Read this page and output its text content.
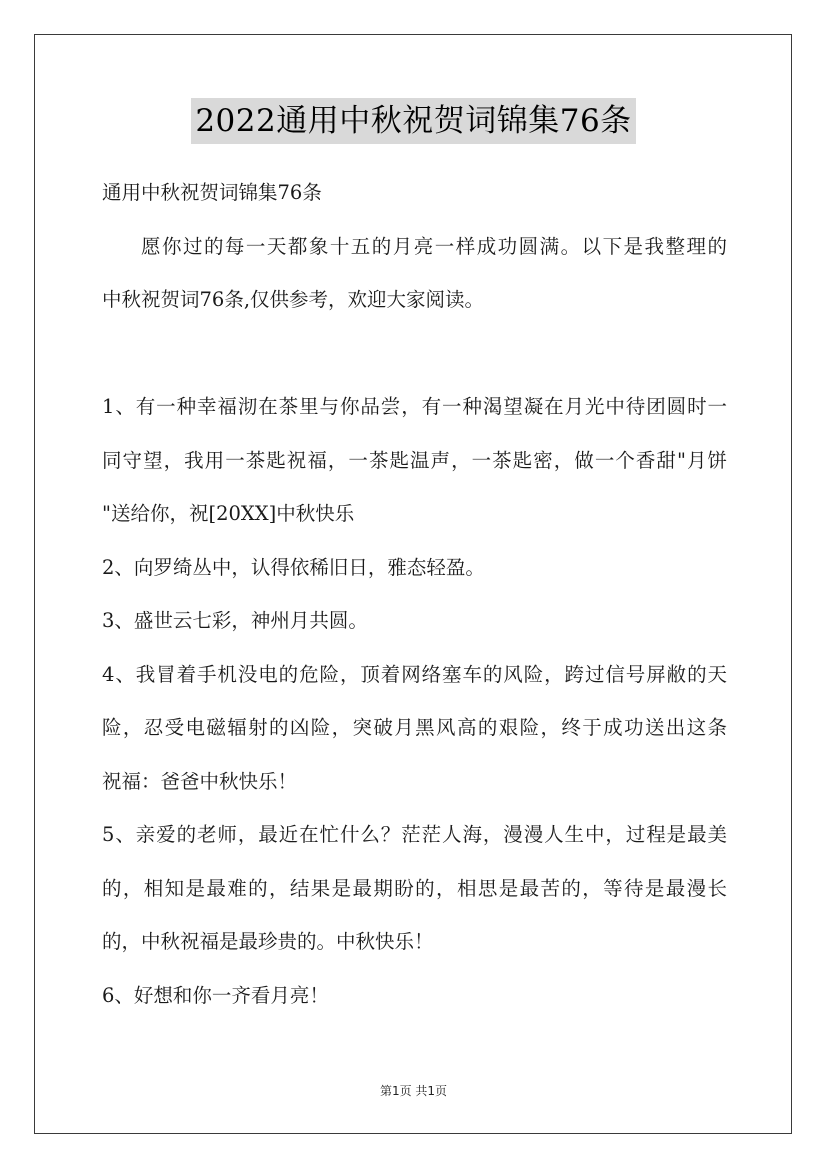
2022通用中秋祝贺词锦集76条
通用中秋祝贺词锦集76条
愿你过的每一天都象十五的月亮一样成功圆满。以下是我整理的
中秋祝贺词76条,仅供参考，欢迎大家阅读。
1、有一种幸福沏在茶里与你品尝，有一种渴望凝在月光中待团圆时一
同守望，我用一茶匙祝福，一茶匙温声，一茶匙密，做一个香甜"月饼
"送给你，祝[20XX]中秋快乐
2、向罗绮丛中，认得依稀旧日，雅态轻盈。
3、盛世云七彩，神州月共圆。
4、我冒着手机没电的危险，顶着网络塞车的风险，跨过信号屏敝的天
险，忍受电磁辐射的凶险，突破月黑风高的艰险，终于成功送出这条
祝福：爸爸中秋快乐！
5、亲爱的老师，最近在忙什么？茫茫人海，漫漫人生中，过程是最美
的，相知是最难的，结果是最期盼的，相思是最苦的，等待是最漫长
的，中秋祝福是最珍贵的。中秋快乐！
6、好想和你一齐看月亮！
第1页 共1页
